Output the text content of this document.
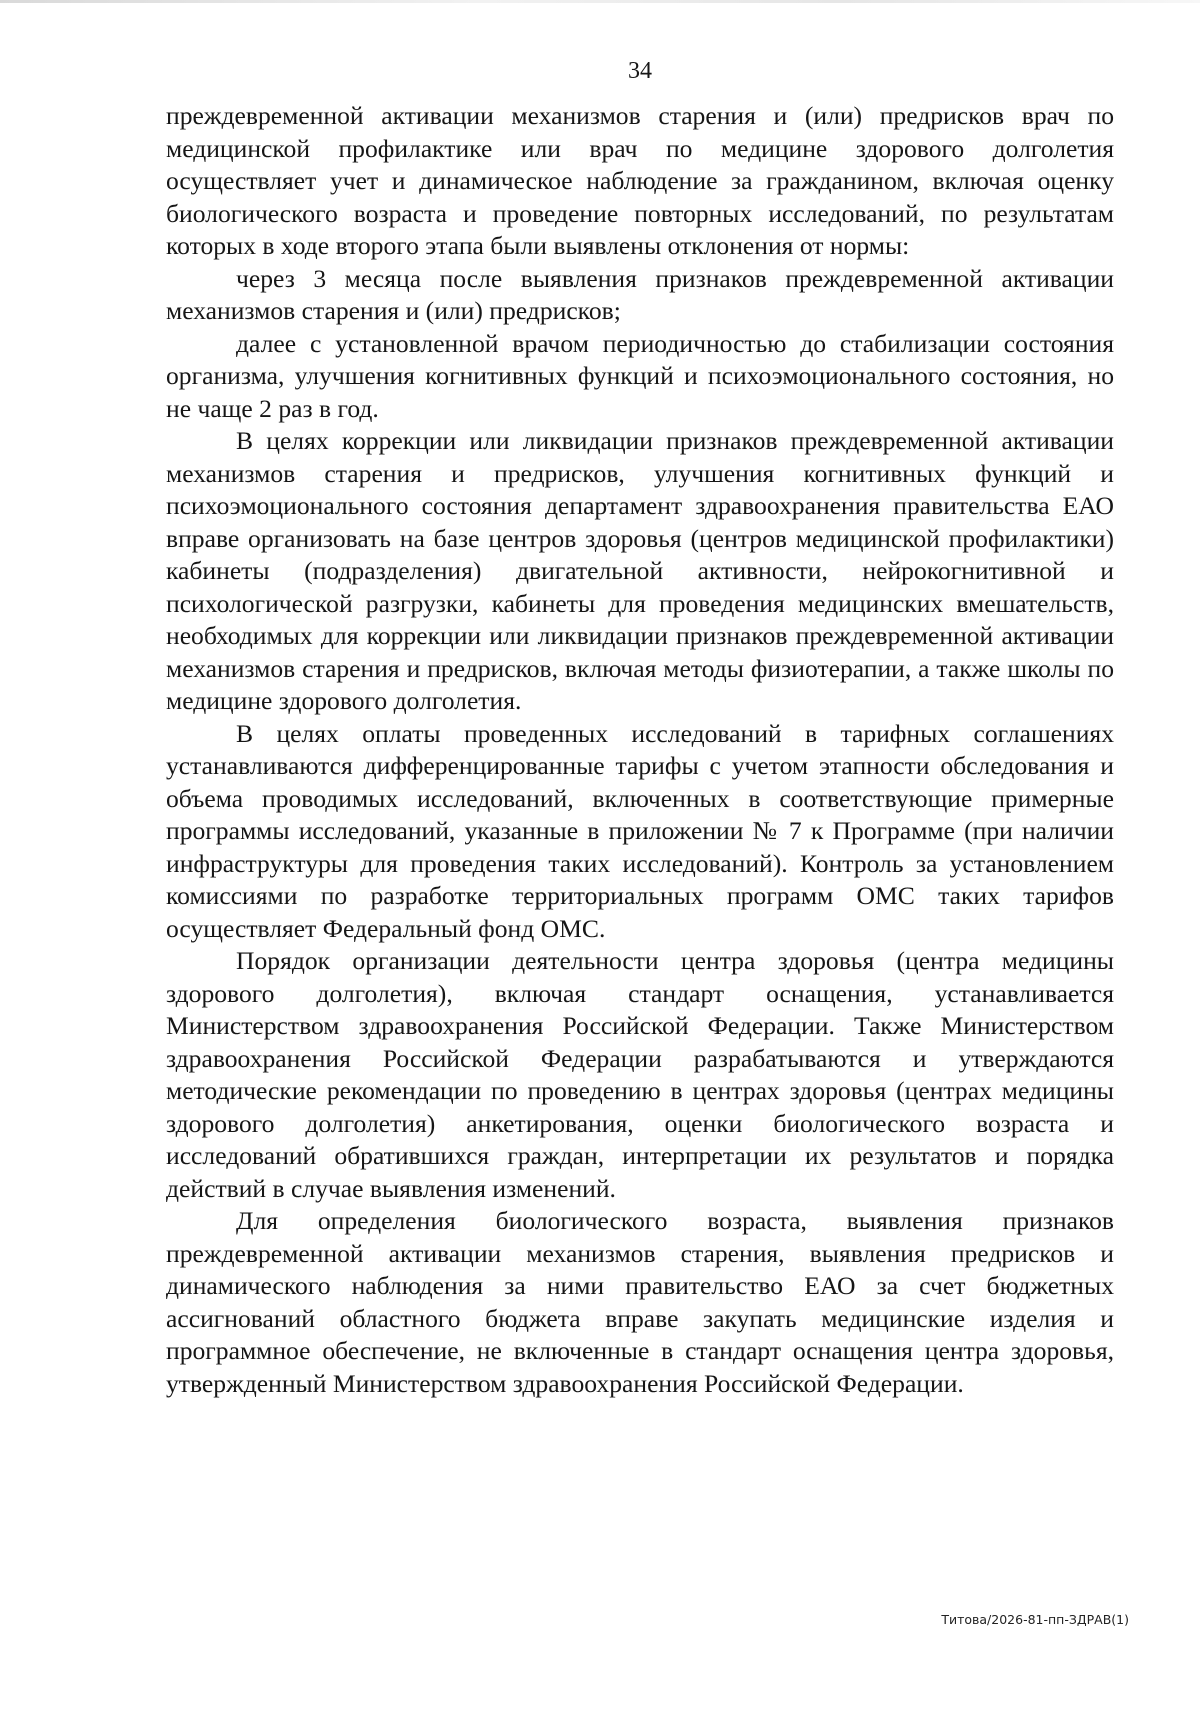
34

преждевременной активации механизмов старения и (или) предрисков врач по медицинской профилактике или врач по медицине здорового долголетия осуществляет учет и динамическое наблюдение за гражданином, включая оценку биологического возраста и проведение повторных исследований, по результатам которых в ходе второго этапа были выявлены отклонения от нормы:

через 3 месяца после выявления признаков преждевременной активации механизмов старения и (или) предрисков;

далее с установленной врачом периодичностью до стабилизации состояния организма, улучшения когнитивных функций и психоэмоционального состояния, но не чаще 2 раз в год.

В целях коррекции или ликвидации признаков преждевременной активации механизмов старения и предрисков, улучшения когнитивных функций и психоэмоционального состояния департамент здравоохранения правительства ЕАО вправе организовать на базе центров здоровья (центров медицинской профилактики) кабинеты (подразделения) двигательной активности, нейрокогнитивной и психологической разгрузки, кабинеты для проведения медицинских вмешательств, необходимых для коррекции или ликвидации признаков преждевременной активации механизмов старения и предрисков, включая методы физиотерапии, а также школы по медицине здорового долголетия.

В целях оплаты проведенных исследований в тарифных соглашениях устанавливаются дифференцированные тарифы с учетом этапности обследования и объема проводимых исследований, включенных в соответствующие примерные программы исследований, указанные в приложении № 7 к Программе (при наличии инфраструктуры для проведения таких исследований). Контроль за установлением комиссиями по разработке территориальных программ ОМС таких тарифов осуществляет Федеральный фонд ОМС.

Порядок организации деятельности центра здоровья (центра медицины здорового долголетия), включая стандарт оснащения, устанавливается Министерством здравоохранения Российской Федерации. Также Министерством здравоохранения Российской Федерации разрабатываются и утверждаются методические рекомендации по проведению в центрах здоровья (центрах медицины здорового долголетия) анкетирования, оценки биологического возраста и исследований обратившихся граждан, интерпретации их результатов и порядка действий в случае выявления изменений.

Для определения биологического возраста, выявления признаков преждевременной активации механизмов старения, выявления предрисков и динамического наблюдения за ними правительство ЕАО за счет бюджетных ассигнований областного бюджета вправе закупать медицинские изделия и программное обеспечение, не включенные в стандарт оснащения центра здоровья, утвержденный Министерством здравоохранения Российской Федерации.

Титова/2026-81-пп-ЗДРАВ(1)
